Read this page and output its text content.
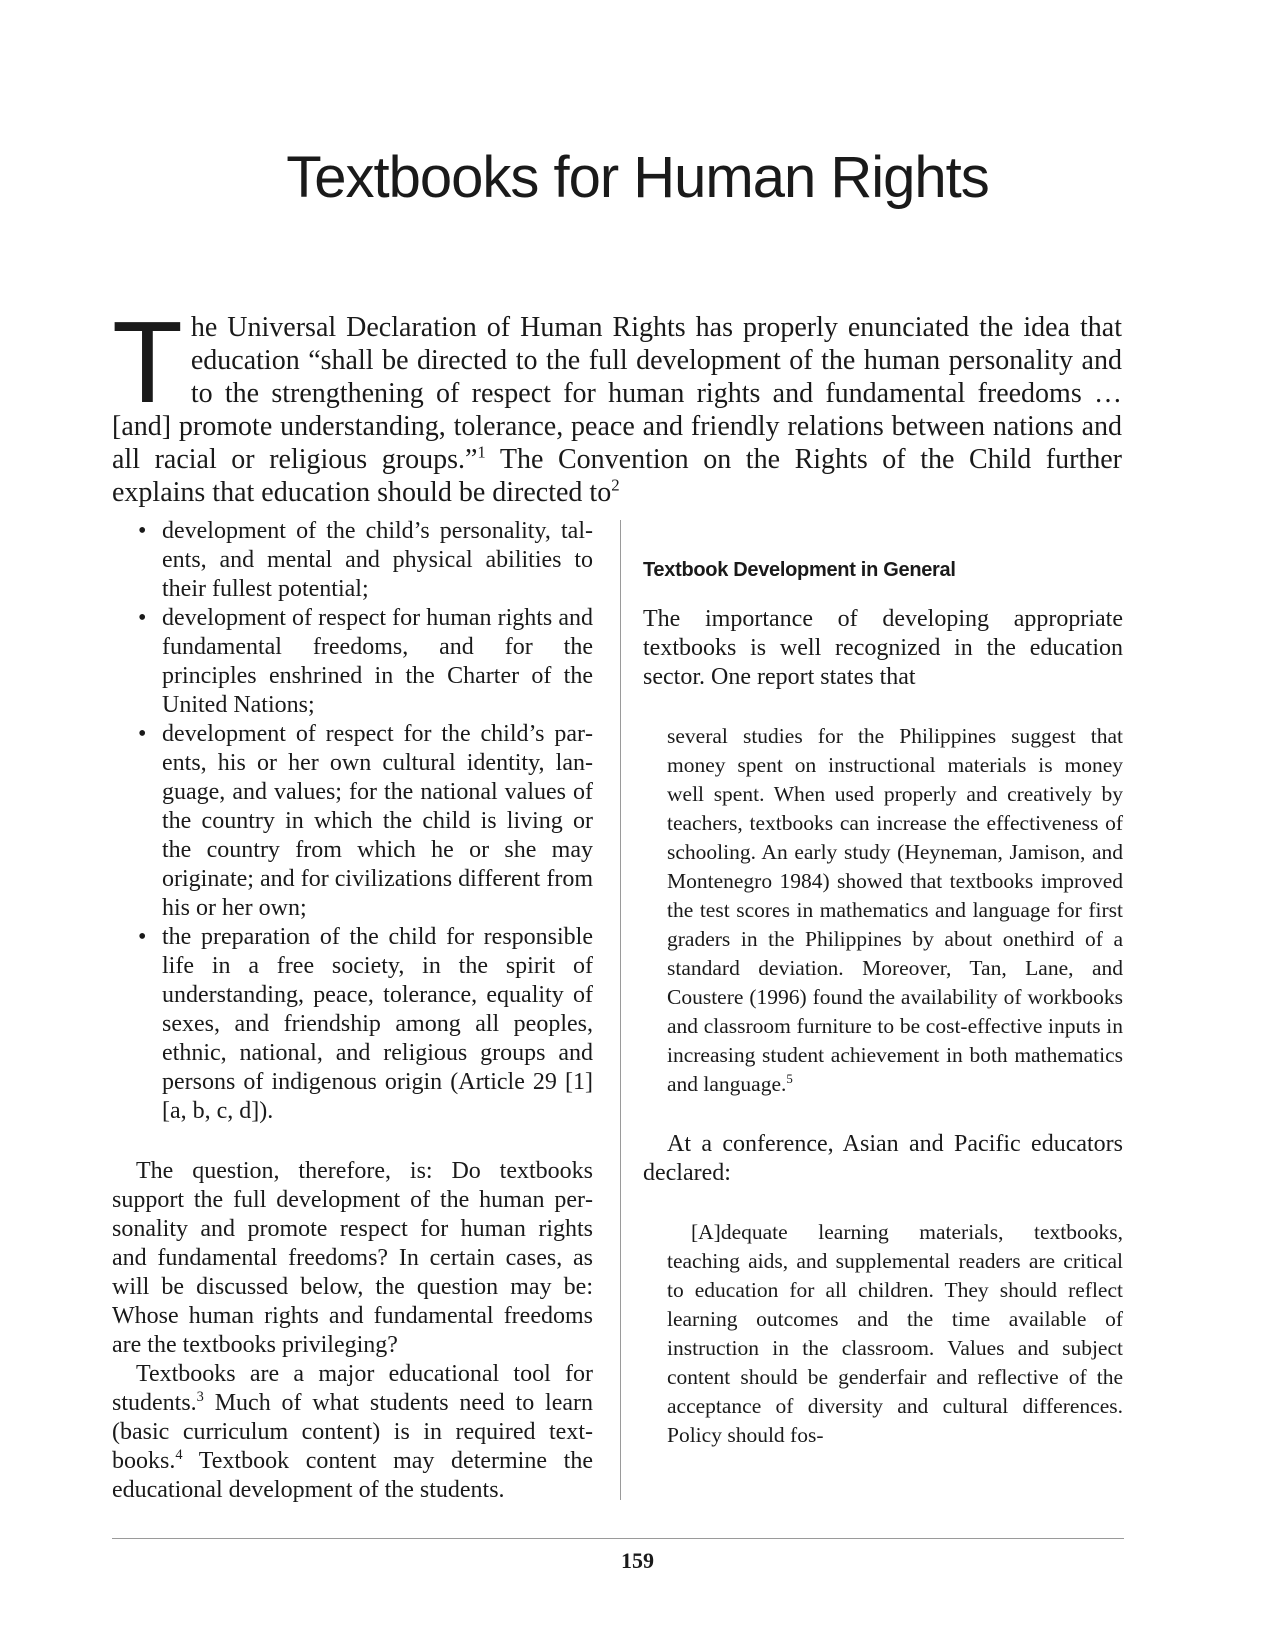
Textbooks for Human Rights

The Universal Declaration of Human Rights has properly enunciated the idea that education “shall be directed to the full development of the human personality and to the strengthening of respect for human rights and fundamental freedoms … [and] promote understanding, tolerance, peace and friendly relations between nations and all racial or religious groups.”$^1$ The Convention on the Rights of the Child further explains that education should be directed $to^2$

• development of the child’s personality, talents, and mental and physical abilities to their fullest potential;
• development of respect for human rights and fundamental freedoms, and for the principles enshrined in the Charter of the United Nations;
• development of respect for the child’s parents, his or her own cultural identity, language, and values; for the national values of the country in which the child is living or the country from which he or she may originate; and for civilizations different from his or her own;
• the preparation of the child for responsible life in a free society, in the spirit of understanding, peace, tolerance, equality of sexes, and friendship among all peoples, ethnic, national, and religious groups and persons of indigenous origin (Article 29 [1] [a, b, c, d]).

The question, therefore, is: Do textbooks support the full development of the human personality and promote respect for human rights and fundamental freedoms? In certain cases, as will be discussed below, the question may be: Whose human rights and fundamental freedoms are the textbooks privileging?

Textbooks are a major educational tool for students.$^3$ Much of what students need to learn (basic curriculum content) is in required textbooks.$^4$ Textbook content may determine the educational development of the students.

Textbook Development in General

The importance of developing appropriate textbooks is well recognized in the education sector. One report states that

several studies for the Philippines suggest that money spent on instructional materials is money well spent. When used properly and creatively by teachers, textbooks can increase the effectiveness of schooling. An early study (Heyneman, Jamison, and Montenegro 1984) showed that textbooks improved the test scores in mathematics and language for first graders in the Philippines by about onethird of a standard deviation. Moreover, Tan, Lane, and Coustere (1996) found the availability of workbooks and classroom furniture to be cost-effective inputs in increasing student achievement in both mathematics and language.$^5$

At a conference, Asian and Pacific educators declared:

[A]dequate learning materials, textbooks, teaching aids, and supplemental readers are critical to education for all children. They should reflect learning outcomes and the time available of instruction in the classroom. Values and subject content should be genderfair and reflective of the acceptance of diversity and cultural differences. Policy should fos-

159
